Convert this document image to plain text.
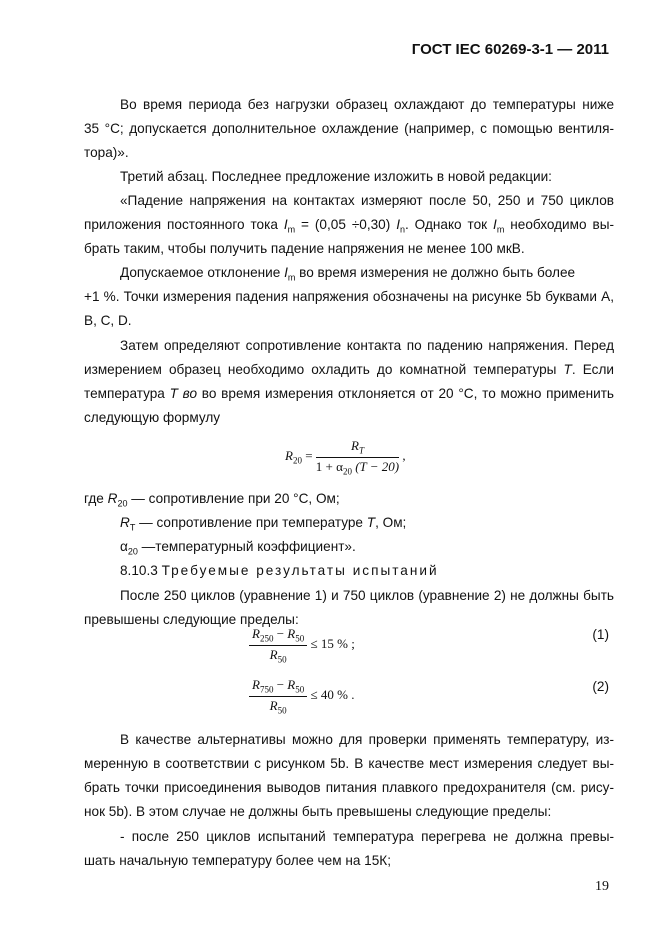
ГОСТ IEC 60269-3-1 — 2011
Во время периода без нагрузки образец охлаждают до температуры ниже
35 °С; допускается дополнительное охлаждение (например, с помощью вентиля-
тора)».
Третий абзац. Последнее предложение изложить в новой редакции:
«Падение напряжения на контактах измеряют после 50, 250 и 750 циклов
приложения постоянного тока $I_m = (0,05 \div 0,30)$ $I_n$. Однако ток $I_m$ необходимо вы-
брать таким, чтобы получить падение напряжения не менее 100 мкВ.
Допускаемое отклонение $I_m$ во время измерения не должно быть более
+1 %. Точки измерения падения напряжения обозначены на рисунке 5b буквами А,
В, С, D.
Затем определяют сопротивление контакта по падению напряжения. Перед
измерением образец необходимо охладить до комнатной температуры T. Если
температура T во во время измерения отклоняется от 20 °С, то можно применить
следующую формулу
$R_{20} = \frac{R_T}{1 + \alpha_{20} (T - 20)}$ ,
где $R_{20}$ — сопротивление при 20 °С, Ом;
$R_T$ — сопротивление при температуре T, Ом;
$\alpha_{20}$ —температурный коэффициент».
8.10.3 Требуемые результаты испытаний
После 250 циклов (уравнение 1) и 750 циклов (уравнение 2) не должны быть
превышены следующие пределы:
$\frac{R_{250} - R_{50}}{R_{50}} \le 15$ % ;
(1)
$\frac{R_{750} - R_{50}}{R_{50}} \le 40$ % .
(2)
В качестве альтернативы можно для проверки применять температуру, из-
меренную в соответствии с рисунком 5b. В качестве мест измерения следует вы-
брать точки присоединения выводов питания плавкого предохранителя (см. рису-
нок 5b). В этом случае не должны быть превышены следующие пределы:
- после 250 циклов испытаний температура перегрева не должна превы-
шать начальную температуру более чем на 15К;
19
